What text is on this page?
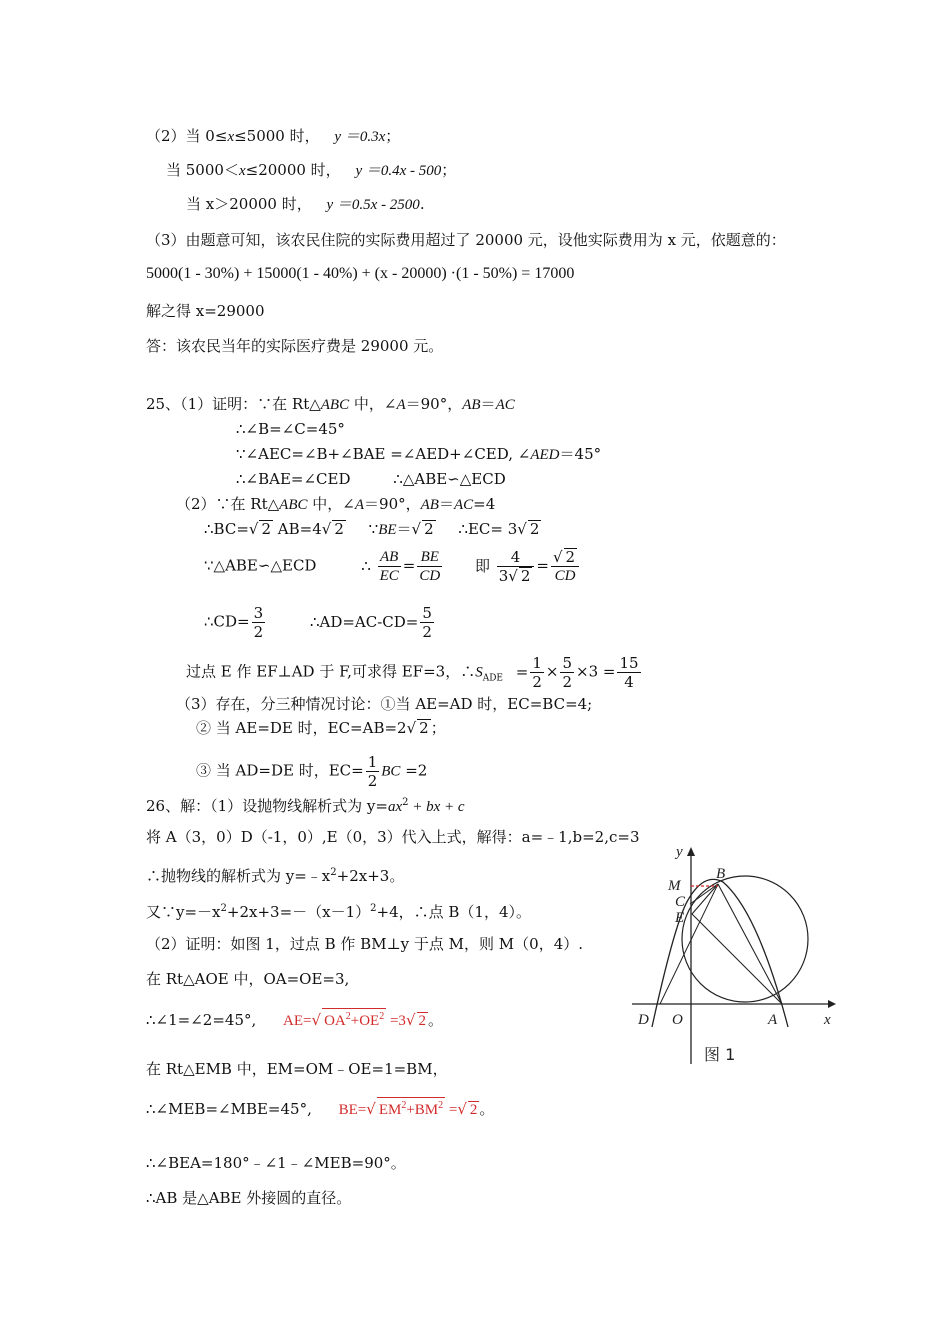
（2）当 0≤x≤5000 时， y ＝0.3x；
当 5000＜x≤20000 时， y ＝0.4x - 500；
当 x＞20000 时， y ＝0.5x - 2500.
（3）由题意可知，该农民住院的实际费用超过了 20000 元，设他实际费用为 x 元，依题意的：
5000(1 - 30%) + 15000(1 - 40%) + (x - 20000) ·(1 - 50%) = 17000
解之得 x=29000
答：该农民当年的实际医疗费是 29000 元。
25、（1）证明：∵在 Rt△ABC 中，∠A＝90°，AB＝AC
∴∠B=∠C=45°
∵∠AEC=∠B+∠BAE =∠AED+∠CED, ∠AED＝45°
∴∠BAE=∠CED	∴△ABE∽△ECD
（2）∵在 Rt△ABC 中，∠A＝90°，AB＝AC=4
∴BC=√ 2 AB=4√ 2 ∵BE＝√ 2 ∴EC= 3√ 2
∵△ABE∽△ECD	∴ $\frac{AB}{EC} = \frac{BE}{CD}$ 即 $\frac{4}{3√ 2} = \frac{√ 2}{CD}$
∴CD= $\frac{3}{2}$	∴AD=AC-CD= $\frac{5}{2}$
过点 E 作 EF⊥AD 于 F,可求得 EF=3，$\therefore S_{ADE} = \frac{1}{2} \times \frac{5}{2} \times 3 = \frac{15}{4}$
（3）存在，分三种情况讨论：①当 AE=AD 时，EC=BC=4;
② 当 AE=DE 时，EC=AB=2√ 2 ；
③ 当 AD=DE 时，$EC= \frac{1}{2}$ BC =2
26、解：（1）设抛物线解析式为 $y=ax^2$ + bx + c
将 A（3，0）D（-1，0）,E（0，3）代入上式，解得：a=﹣1,b=2,c=3
∴抛物线的解析式为 $y=﹣x^2+2x+3$。
又$\because y=-x^2+2x+3=-(x-1)^2+4$，∴点 B（1，4）。
（2）证明：如图 1，过点 B 作 BM⊥y 于点 M，则 M（0，4）.
在 Rt△AOE 中，OA=OE=3,
∴∠1=∠2=45°, AE=√ $OA^2+OE^2 =3√$ 2 。
在 Rt△EMB 中，EM=OM﹣OE=1=BM，
∴∠MEB=∠MBE=45°, BE=√ $EM^2+BM^2$ =√ 2 。
∴∠BEA=180°﹣∠1﹣∠MEB=90°。
∴AB 是△ABE 外接圆的直径。
y
x
B
M
C
E
D O	A
图 1
